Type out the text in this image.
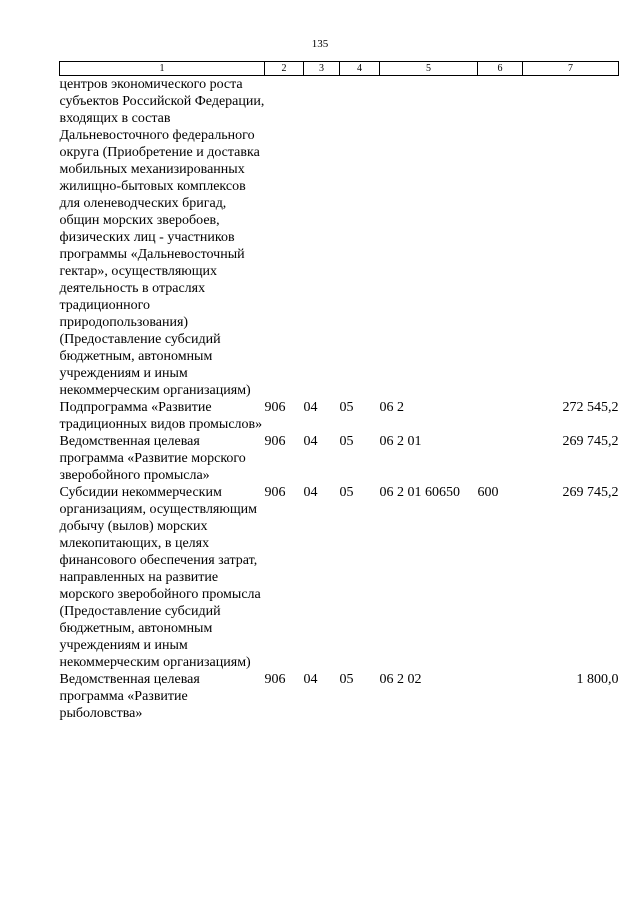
135
1	2	3	4	5	6	7
центров экономического роста субъектов Российской Федерации, входящих в состав Дальневосточного федерального округа (Приобретение и доставка мобильных механизированных жилищно-бытовых комплексов для оленеводческих бригад, общин морских зверобоев, физических лиц - участников программы «Дальневосточный гектар», осуществляющих деятельность в отраслях традиционного природопользования) (Предоставление субсидий бюджетным, автономным учреждениям и иным некоммерческим организациям)						
Подпрограмма «Развитие традиционных видов промыслов»	906	04	05	06 2		272 545,2
Ведомственная целевая программа «Развитие морского зверобойного промысла»	906	04	05	06 2 01		269 745,2
Субсидии некоммерческим организациям, осуществляющим добычу (вылов) морских млекопитающих, в целях финансового обеспечения затрат, направленных на развитие морского зверобойного промысла (Предоставление субсидий бюджетным, автономным учреждениям и иным некоммерческим организациям)	906	04	05	06 2 01 60650	600	269 745,2
Ведомственная целевая программа «Развитие рыболовства»	906	04	05	06 2 02		1 800,0
